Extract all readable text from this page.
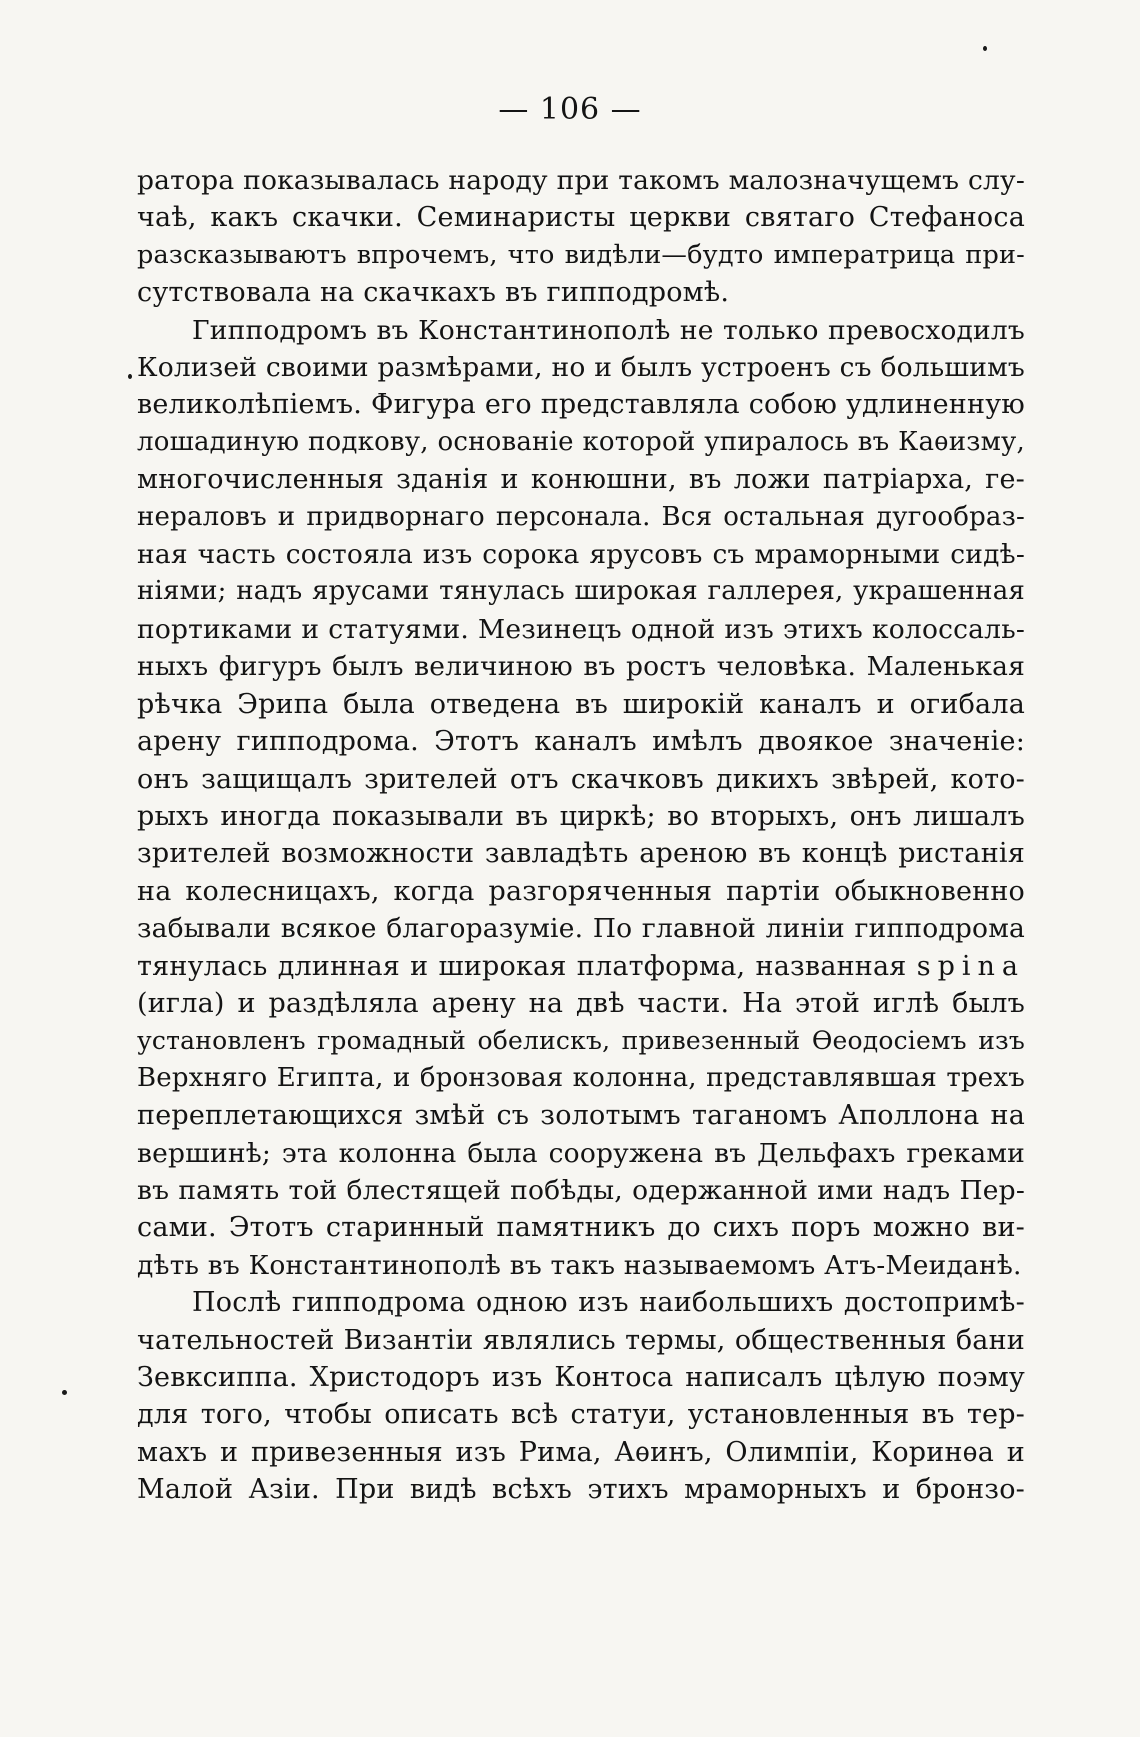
— 106 —
ратора показывалась народу при такомъ малозначущемъ слу-
чаѣ, какъ скачки. Семинаристы церкви святаго Стефаноса
разсказываютъ впрочемъ, что видѣли—будто императрица при-
сутствовала на скачкахъ въ гипподромѣ.
Гипподромъ въ Константинополѣ не только превосходилъ
Колизей своими размѣрами, но и былъ устроенъ съ большимъ
великолѣпіемъ. Фигура его представляла собою удлиненную
лошадиную подкову, основаніе которой упиралось въ Каѳизму,
многочисленныя зданія и конюшни, въ ложи патріарха, ге-
нераловъ и придворнаго персонала. Вся остальная дугообраз-
ная часть состояла изъ сорока ярусовъ съ мраморными сидѣ-
ніями; надъ ярусами тянулась широкая галлерея, украшенная
портиками и статуями. Мезинецъ одной изъ этихъ колоссаль-
ныхъ фигуръ былъ величиною въ ростъ человѣка. Маленькая
рѣчка Эрипа была отведена въ широкій каналъ и огибала
арену гипподрома. Этотъ каналъ имѣлъ двоякое значеніе:
онъ защищалъ зрителей отъ скачковъ дикихъ звѣрей, кото-
рыхъ иногда показывали въ циркѣ; во вторыхъ, онъ лишалъ
зрителей возможности завладѣть ареною въ концѣ ристанія
на колесницахъ, когда разгоряченныя партіи обыкновенно
забывали всякое благоразуміе. По главной линіи гипподрома
тянулась длинная и широкая платформа, названная spina
(игла) и раздѣляла арену на двѣ части. На этой иглѣ былъ
установленъ громадный обелискъ, привезенный Ѳеодосіемъ изъ
Верхняго Египта, и бронзовая колонна, представлявшая трехъ
переплетающихся змѣй съ золотымъ таганомъ Аполлона на
вершинѣ; эта колонна была сооружена въ Дельфахъ греками
въ память той блестящей побѣды, одержанной ими надъ Пер-
сами. Этотъ старинный памятникъ до сихъ поръ можно ви-
дѣть въ Константинополѣ въ такъ называемомъ Атъ-Меиданѣ.
Послѣ гипподрома одною изъ наибольшихъ достопримѣ-
чательностей Византіи являлись термы, общественныя бани
Зевксиппа. Христодоръ изъ Контоса написалъ цѣлую поэму
для того, чтобы описать всѣ статуи, установленныя въ тер-
махъ и привезенныя изъ Рима, Аѳинъ, Олимпіи, Коринѳа и
Малой Азіи. При видѣ всѣхъ этихъ мраморныхъ и бронзо-
